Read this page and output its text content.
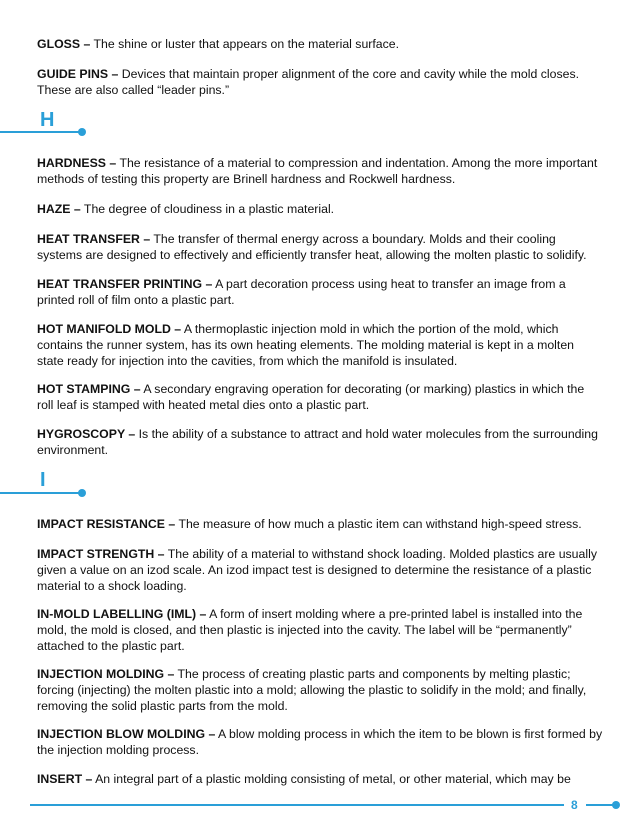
GLOSS – The shine or luster that appears on the material surface.

GUIDE PINS – Devices that maintain proper alignment of the core and cavity while the mold closes. These are also called “leader pins.”

H

HARDNESS – The resistance of a material to compression and indentation. Among the more important methods of testing this property are Brinell hardness and Rockwell hardness.

HAZE – The degree of cloudiness in a plastic material.

HEAT TRANSFER – The transfer of thermal energy across a boundary. Molds and their cooling systems are designed to effectively and efficiently transfer heat, allowing the molten plastic to solidify.

HEAT TRANSFER PRINTING – A part decoration process using heat to transfer an image from a printed roll of film onto a plastic part.

HOT MANIFOLD MOLD – A thermoplastic injection mold in which the portion of the mold, which contains the runner system, has its own heating elements. The molding material is kept in a molten state ready for injection into the cavities, from which the manifold is insulated.

HOT STAMPING – A secondary engraving operation for decorating (or marking) plastics in which the roll leaf is stamped with heated metal dies onto a plastic part.

HYGROSCOPY – Is the ability of a substance to attract and hold water molecules from the surrounding environment.

I

IMPACT RESISTANCE – The measure of how much a plastic item can withstand high-speed stress.

IMPACT STRENGTH – The ability of a material to withstand shock loading. Molded plastics are usually given a value on an izod scale. An izod impact test is designed to determine the resistance of a plastic material to a shock loading.

IN-MOLD LABELLING (IML) – A form of insert molding where a pre-printed label is installed into the mold, the mold is closed, and then plastic is injected into the cavity. The label will be “permanently” attached to the plastic part.

INJECTION MOLDING – The process of creating plastic parts and components by melting plastic; forcing (injecting) the molten plastic into a mold; allowing the plastic to solidify in the mold; and finally, removing the solid plastic parts from the mold.

INJECTION BLOW MOLDING – A blow molding process in which the item to be blown is first formed by the injection molding process.

INSERT – An integral part of a plastic molding consisting of metal, or other material, which may be

8
